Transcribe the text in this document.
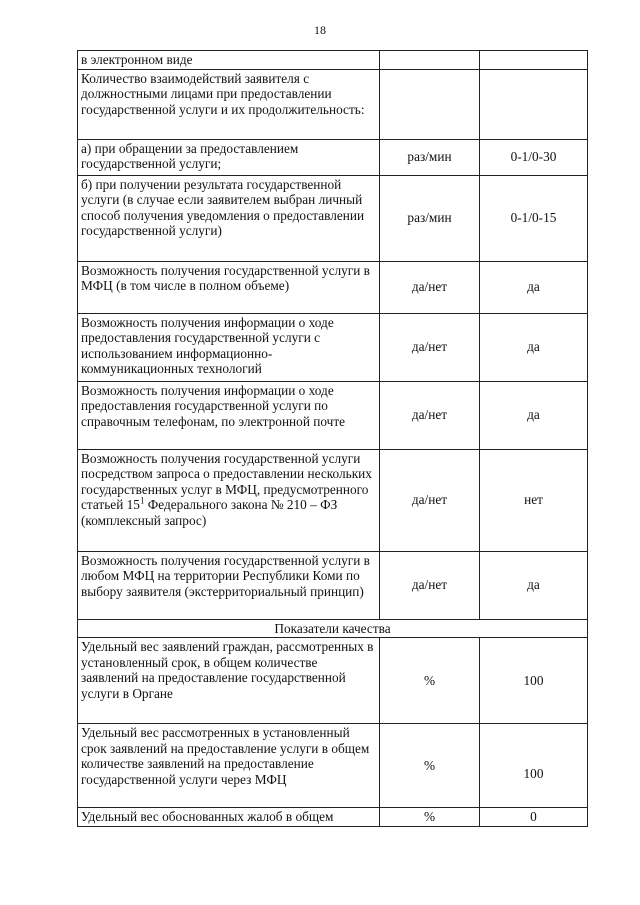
18
в электронном виде		
Количество взаимодействий заявителя с должностными лицами при предоставлении государственной услуги и их продолжительность:		
а) при обращении за предоставлением государственной услуги;	раз/мин	0-1/0-30
б) при получении результата государственной услуги (в случае если заявителем выбран личный способ получения уведомления о предоставлении государственной услуги)	раз/мин	0-1/0-15
Возможность получения государственной услуги в МФЦ (в том числе в полном объеме)	да/нет	да
Возможность получения информации о ходе предоставления государственной услуги с использованием информационно-коммуникационных технологий	да/нет	да
Возможность получения информации о ходе предоставления государственной услуги по справочным телефонам, по электронной почте	да/нет	да
Возможность получения государственной услуги посредством запроса о предоставлении нескольких государственных услуг в МФЦ, предусмотренного статьей $15^1$ Федерального закона № 210 – ФЗ (комплексный запрос)	да/нет	нет
Возможность получения государственной услуги в любом МФЦ на территории Республики Коми по выбору заявителя (экстерриториальный принцип)	да/нет	да
Показатели качества		
Удельный вес заявлений граждан, рассмотренных в установленный срок, в общем количестве заявлений на предоставление государственной услуги в Органе	%	100
Удельный вес рассмотренных в установленный срок заявлений на предоставление услуги в общем количестве заявлений на предоставление государственной услуги через МФЦ	%	100
Удельный вес обоснованных жалоб в общем	%	0
